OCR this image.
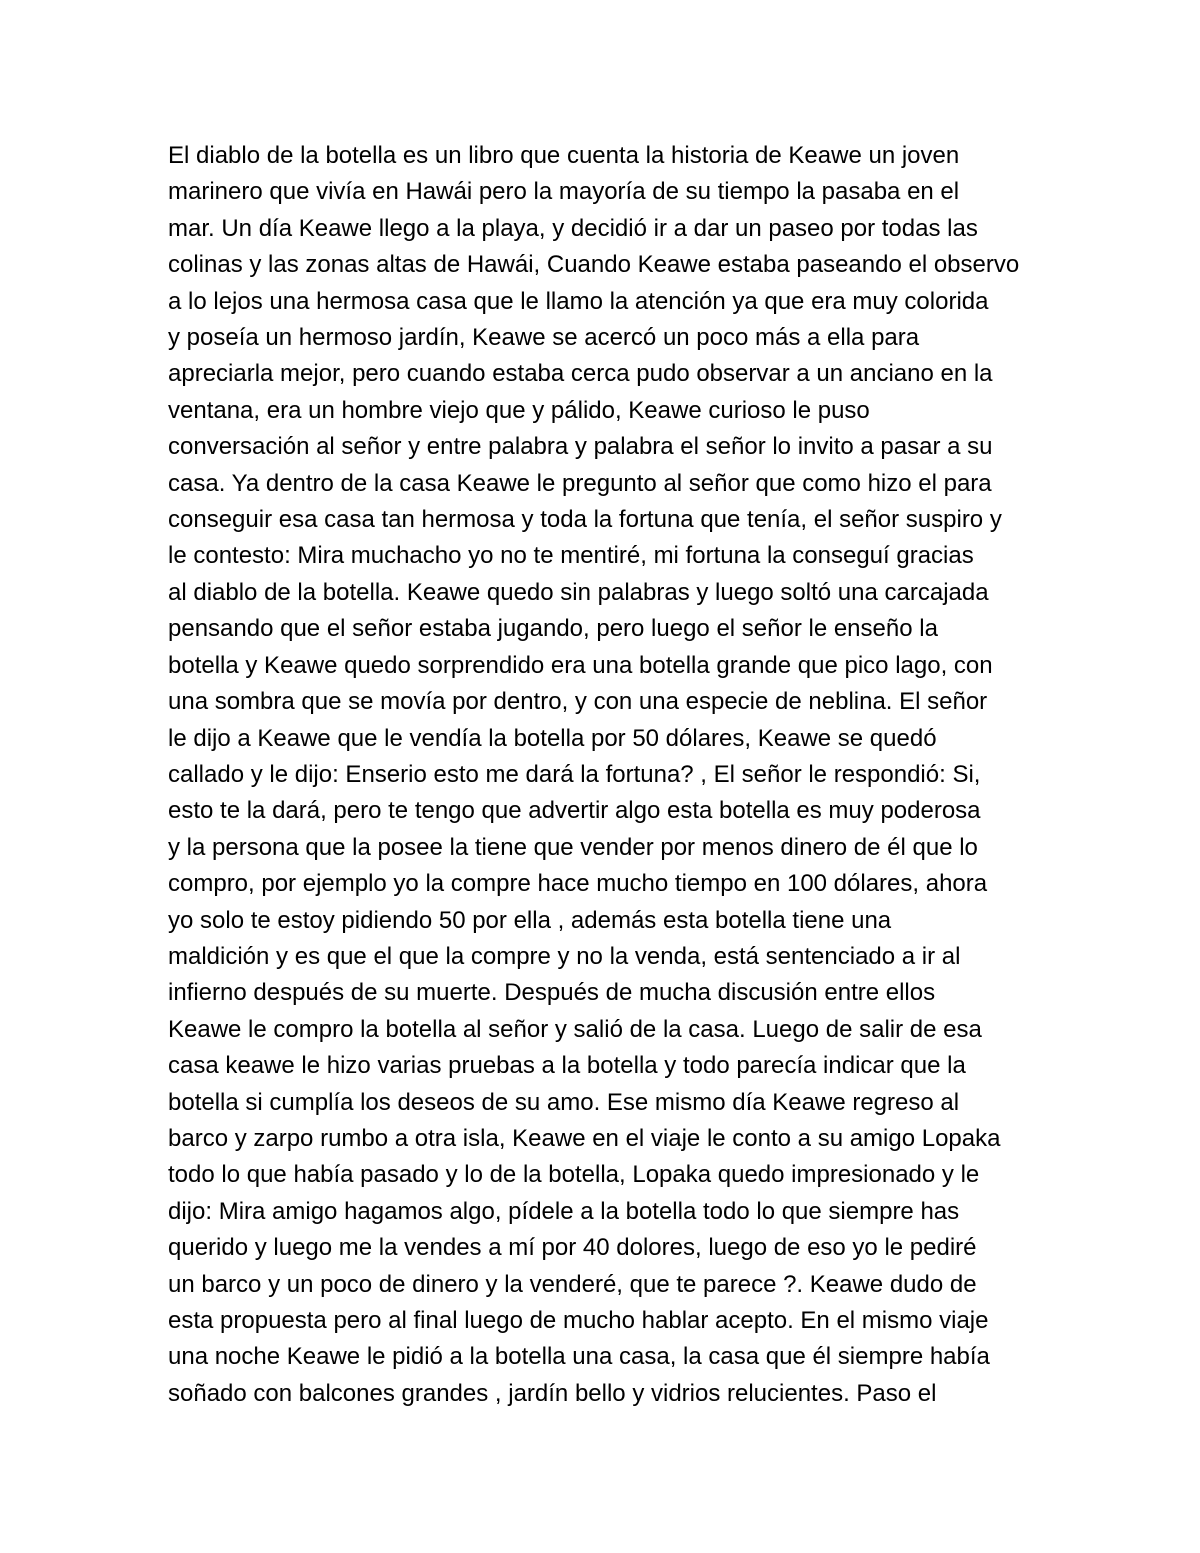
El diablo de la botella es un libro que cuenta la historia de Keawe un joven
marinero que vivía en Hawái pero la mayoría de su tiempo la pasaba en el
mar. Un día Keawe llego a la playa, y decidió ir a dar un paseo por todas las
colinas y las zonas altas de Hawái, Cuando Keawe estaba paseando el observo
a lo lejos una hermosa casa que le llamo la atención ya que era muy colorida
y poseía un hermoso jardín, Keawe se acercó un poco más a ella para
apreciarla mejor, pero cuando estaba cerca pudo observar a un anciano en la
ventana, era un hombre viejo que y pálido, Keawe curioso le puso
conversación al señor y entre palabra y palabra el señor lo invito a pasar a su
casa. Ya dentro de la casa Keawe le pregunto al señor que como hizo el para
conseguir esa casa tan hermosa y toda la fortuna que tenía, el señor suspiro y
le contesto: Mira muchacho yo no te mentiré, mi fortuna la conseguí gracias
al diablo de la botella. Keawe quedo sin palabras y luego soltó una carcajada
pensando que el señor estaba jugando, pero luego el señor le enseño la
botella y Keawe quedo sorprendido era una botella grande que pico lago, con
una sombra que se movía por dentro, y con una especie de neblina. El señor
le dijo a Keawe que le vendía la botella por 50 dólares, Keawe se quedó
callado y le dijo: Enserio esto me dará la fortuna? , El señor le respondió: Si,
esto te la dará, pero te tengo que advertir algo esta botella es muy poderosa
y la persona que la posee la tiene que vender por menos dinero de él que lo
compro, por ejemplo yo la compre hace mucho tiempo en 100 dólares, ahora
yo solo te estoy pidiendo 50 por ella , además esta botella tiene una
maldición y es que el que la compre y no la venda, está sentenciado a ir al
infierno después de su muerte. Después de mucha discusión entre ellos
Keawe le compro la botella al señor y salió de la casa. Luego de salir de esa
casa keawe le hizo varias pruebas a la botella y todo parecía indicar que la
botella si cumplía los deseos de su amo. Ese mismo día Keawe regreso al
barco y zarpo rumbo a otra isla, Keawe en el viaje le conto a su amigo Lopaka
todo lo que había pasado y lo de la botella, Lopaka quedo impresionado y le
dijo: Mira amigo hagamos algo, pídele a la botella todo lo que siempre has
querido y luego me la vendes a mí por 40 dolores, luego de eso yo le pediré
un barco y un poco de dinero y la venderé, que te parece ?. Keawe dudo de
esta propuesta pero al final luego de mucho hablar acepto. En el mismo viaje
una noche Keawe le pidió a la botella una casa, la casa que él siempre había
soñado con balcones grandes , jardín bello y vidrios relucientes. Paso el
